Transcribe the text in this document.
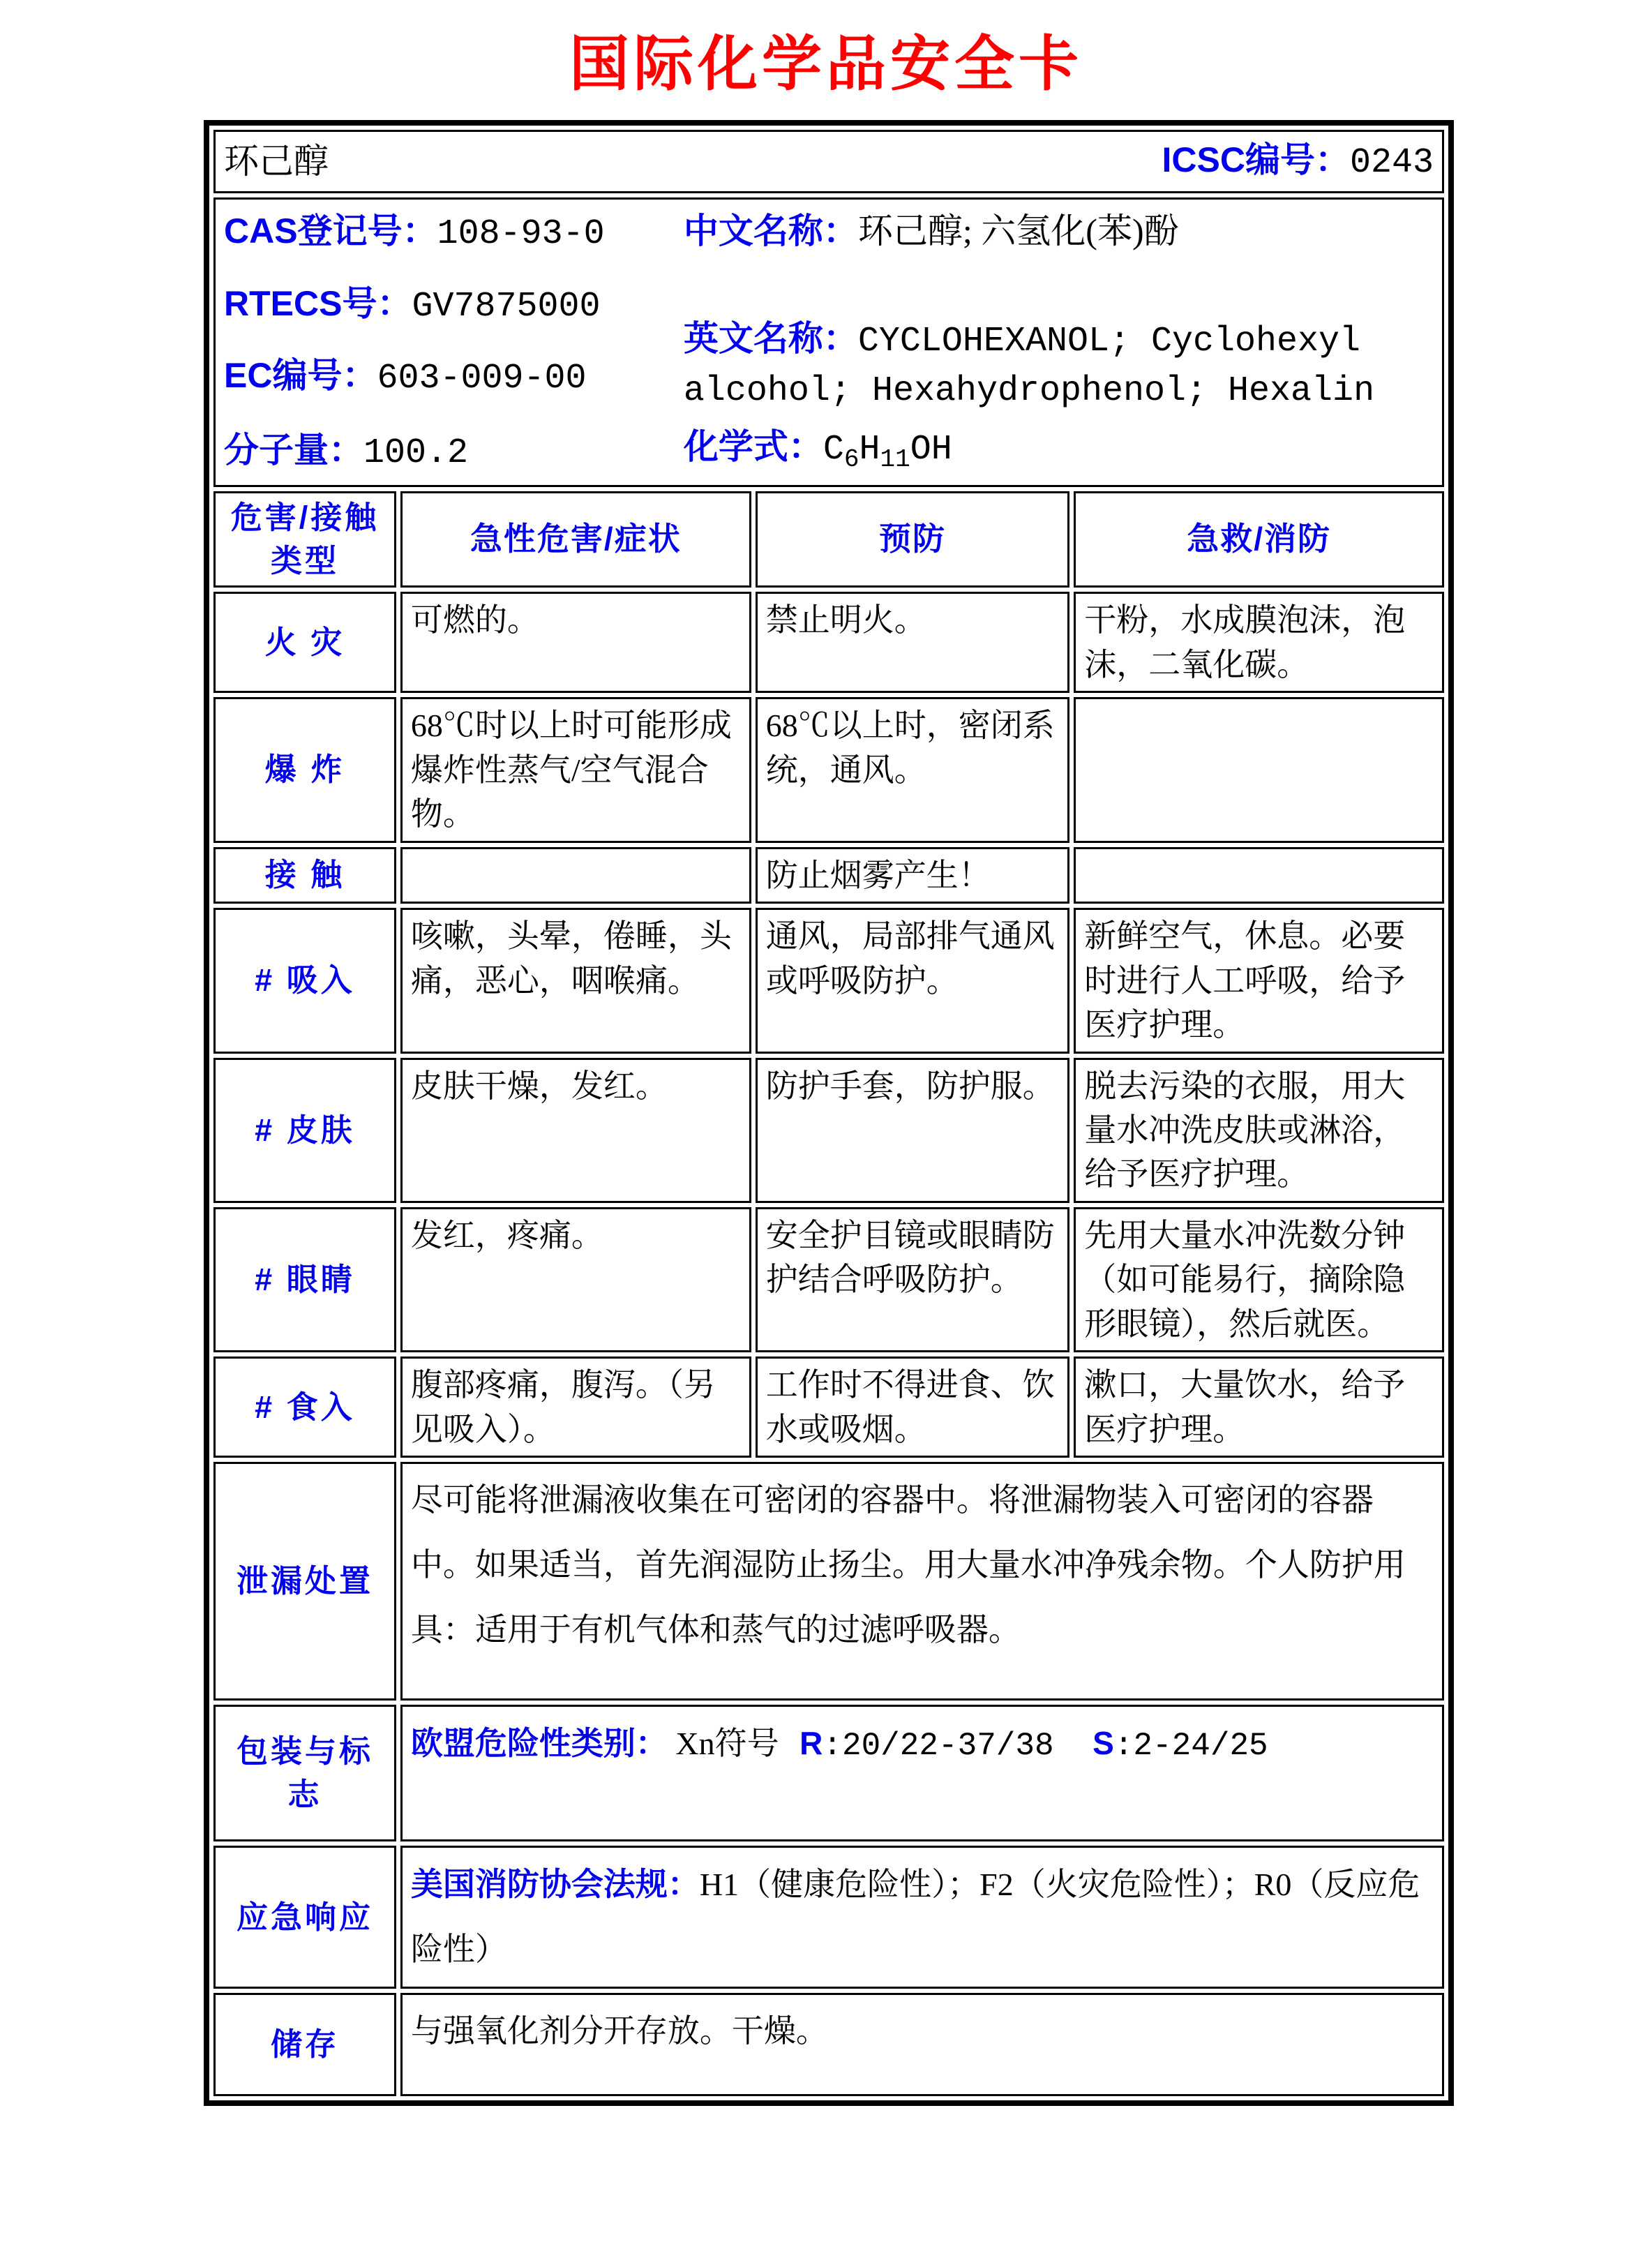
国际化学品安全卡
环己醇 ICSC编号：0243			

CAS登记号：108-93-0
RTECS号：GV7875000
EC编号：603-009-00
分子量：100.2
中文名称：环己醇; 六氢化(苯)酚
英文名称：CYCLOHEXANOL; Cyclohexyl alcohol; Hexahydrophenol; Hexalin
化学式：$C_6H_{11}OH$

危害/接触
类型	急性危害/症状	预防	急救/消防
火 灾	可燃的。	禁止明火。	干粉，水成膜泡沫，泡沫，二氧化碳。
爆 炸	68℃时以上时可能形成爆炸性蒸气/空气混合物。	68℃以上时，密闭系统，通风。	
接 触		防止烟雾产生！	
# 吸入	咳嗽，头晕，倦睡，头痛，恶心，咽喉痛。	通风，局部排气通风或呼吸防护。	新鲜空气，休息。必要时进行人工呼吸，给予医疗护理。
# 皮肤	皮肤干燥，发红。	防护手套，防护服。	脱去污染的衣服，用大量水冲洗皮肤或淋浴，给予医疗护理。
# 眼睛	发红，疼痛。	安全护目镜或眼睛防护结合呼吸防护。	先用大量水冲洗数分钟（如可能易行，摘除隐形眼镜），然后就医。
# 食入	腹部疼痛，腹泻。（另见吸入）。	工作时不得进食、饮水或吸烟。	漱口，大量饮水，给予医疗护理。
泄漏处置	尽可能将泄漏液收集在可密闭的容器中。将泄漏物装入可密闭的容器中。如果适当，首先润湿防止扬尘。用大量水冲净残余物。个人防护用具：适用于有机气体和蒸气的过滤呼吸器。		
包装与标志	欧盟危险性类别： Xn符号 R:20/22-37/38 S:2-24/25		
应急响应	美国消防协会法规：H1（健康危险性）；F2（火灾危险性）；R0（反应危险性）		
储存	与强氧化剂分开存放。干燥。		
